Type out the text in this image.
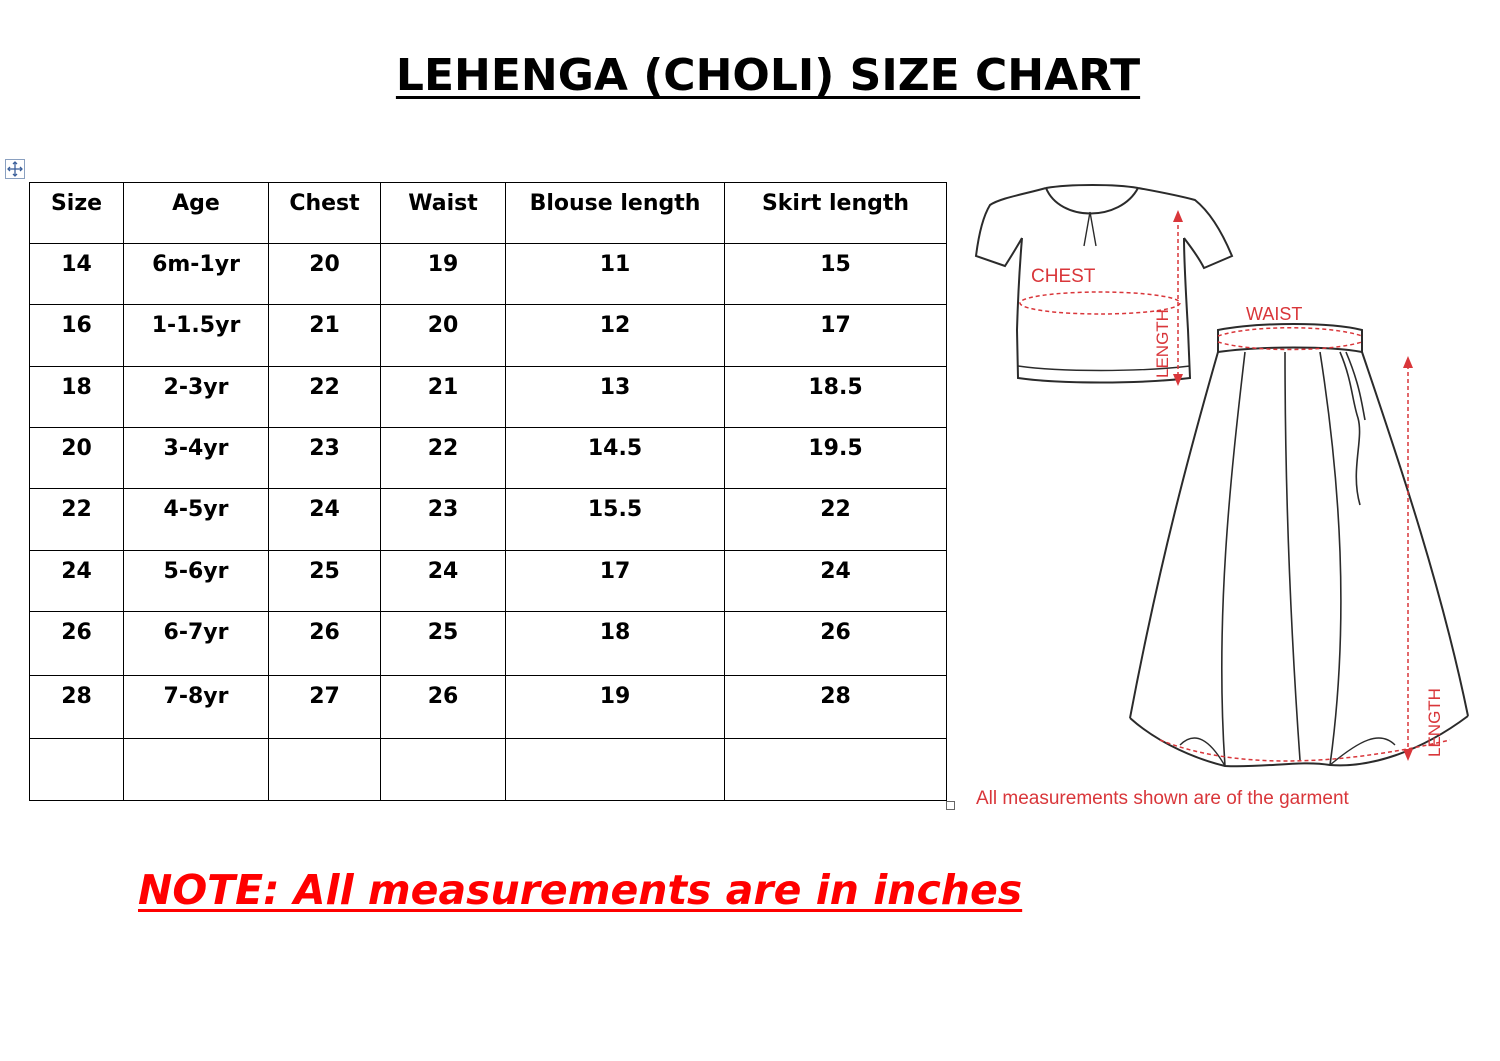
LEHENGA (CHOLI) SIZE CHART
Size	Age	Chest	Waist	Blouse length	Skirt length
14	6m-1yr	20	19	11	15
16	1-1.5yr	21	20	12	17
18	2-3yr	22	21	13	18.5
20	3-4yr	23	22	14.5	19.5
22	4-5yr	24	23	15.5	22
24	5-6yr	25	24	17	24
26	6-7yr	26	25	18	26
28	7-8yr	27	26	19	28

CHEST
LENGTH	WAIST
LENGTH
All measurements shown are of the garment
NOTE: All measurements are in inches
